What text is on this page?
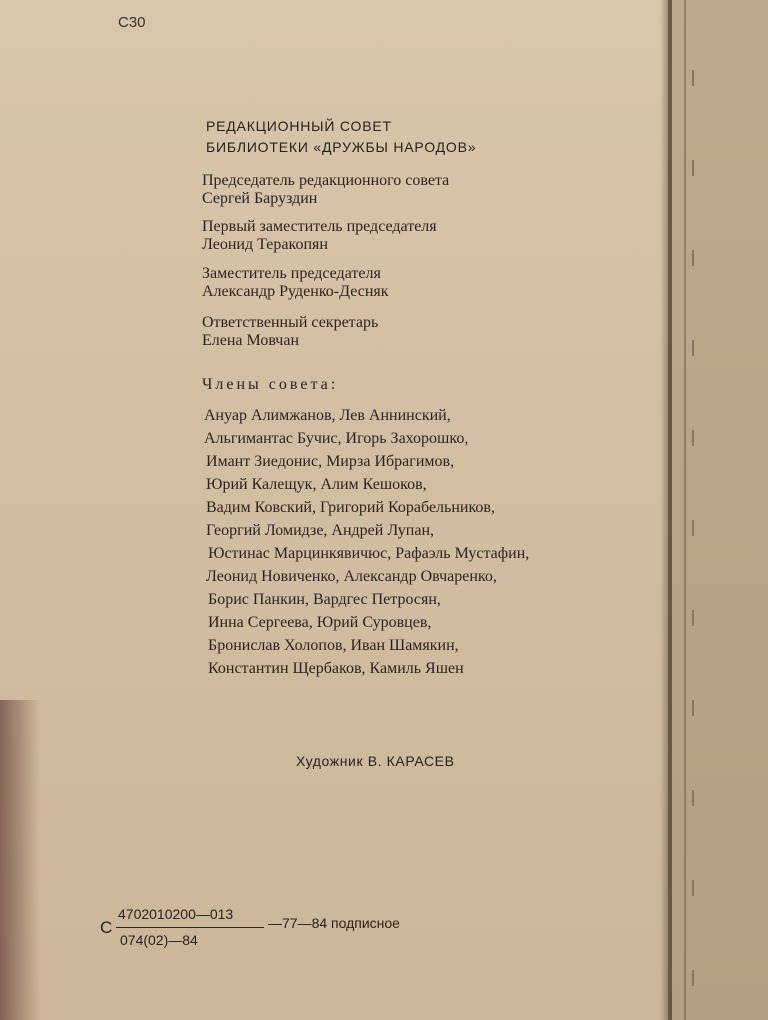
С30
РЕДАКЦИОННЫЙ СОВЕТ
БИБЛИОТЕКИ «ДРУЖБЫ НАРОДОВ»
Председатель редакционного совета
Сергей Баруздин
Первый заместитель председателя
Леонид Теракопян
Заместитель председателя
Александр Руденко-Десняк
Ответственный секретарь
Елена Мовчан
Члены совета:
Ануар Алимжанов, Лев Аннинский,
Альгимантас Бучис, Игорь Захорошко,
Имант Зиедонис, Мирза Ибрагимов,
Юрий Калещук, Алим Кешоков,
Вадим Ковский, Григорий Корабельников,
Георгий Ломидзе, Андрей Лупан,
Юстинас Марцинкявичюс, Рафаэль Мустафин,
Леонид Новиченко, Александр Овчаренко,
Борис Панкин, Вардгес Петросян,
Инна Сергеева, Юрий Суровцев,
Бронислав Холопов, Иван Шамякин,
Константин Щербаков, Камиль Яшен
Художник В. КАРАСЕВ
С
4702010200—013
074(02)—84
—77—84 подписное
